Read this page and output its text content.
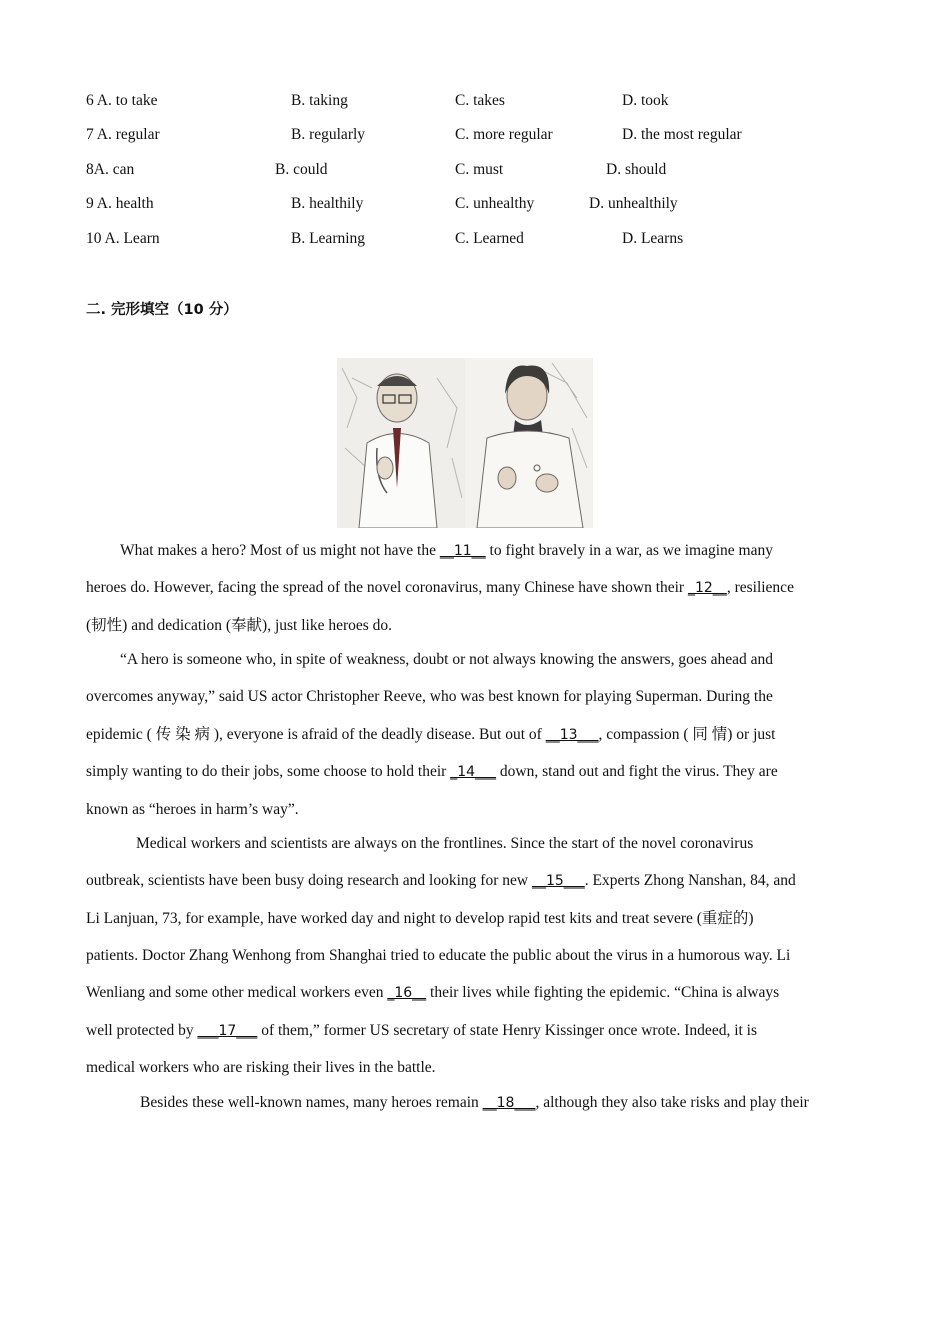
6 A. to take	B. taking	C. takes	D. took
7 A. regular	B. regularly	C. more regular	D. the most regular
8A. can	B. could	C. must	D. should
9 A. health	B. healthily	C. unhealthy	D. unhealthily
10 A. Learn	B. Learning	C. Learned	D. Learns
二. 完形填空（10 分）
What makes a hero? Most of us might not have the __11__ to fight bravely in a war, as we imagine many
heroes do. However, facing the spread of the novel coronavirus, many Chinese have shown their _12__, resilience
(韧性) and dedication (奉献), just like heroes do.
“A hero is someone who, in spite of weakness, doubt or not always knowing the answers, goes ahead and
overcomes anyway,” said US actor Christopher Reeve, who was best known for playing Superman. During the
epidemic ( 传 染 病 ), everyone is afraid of the deadly disease. But out of __13___, compassion ( 同 情) or just
simply wanting to do their jobs, some choose to hold their _14___ down, stand out and fight the virus. They are
known as “heroes in harm’s way”.
Medical workers and scientists are always on the frontlines. Since the start of the novel coronavirus
outbreak, scientists have been busy doing research and looking for new __15___. Experts Zhong Nanshan, 84, and
Li Lanjuan, 73, for example, have worked day and night to develop rapid test kits and treat severe (重症的)
patients. Doctor Zhang Wenhong from Shanghai tried to educate the public about the virus in a humorous way. Li
Wenliang and some other medical workers even _16__ their lives while fighting the epidemic. “China is always
well protected by ___17___ of them,” former US secretary of state Henry Kissinger once wrote. Indeed, it is
medical workers who are risking their lives in the battle.
Besides these well-known names, many heroes remain __18___, although they also take risks and play their
